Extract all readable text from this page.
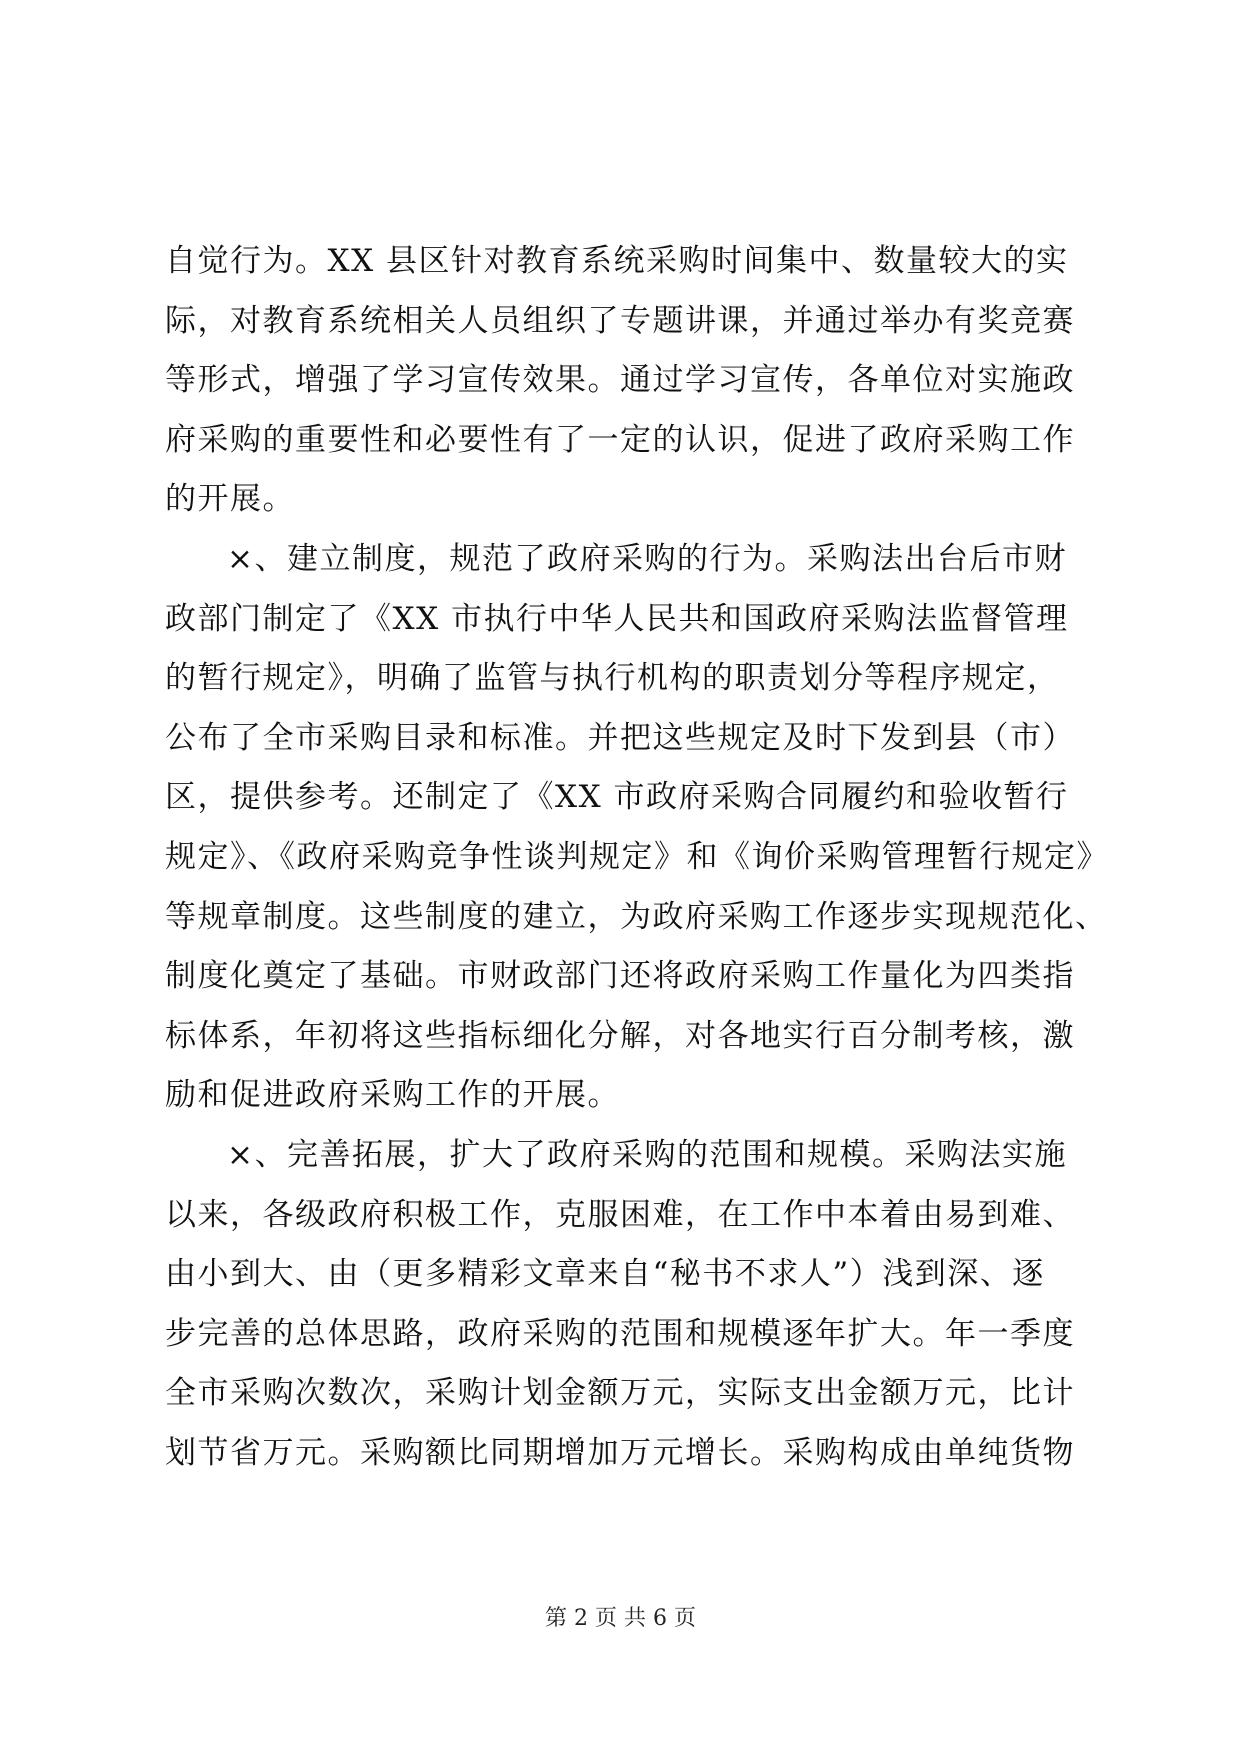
自觉行为。XX 县区针对教育系统采购时间集中、数量较大的实
际，对教育系统相关人员组织了专题讲课，并通过举办有奖竞赛
等形式，增强了学习宣传效果。通过学习宣传，各单位对实施政
府采购的重要性和必要性有了一定的认识，促进了政府采购工作
的开展。
×、建立制度，规范了政府采购的行为。采购法出台后市财
政部门制定了《XX 市执行中华人民共和国政府采购法监督管理
的暂行规定》，明确了监管与执行机构的职责划分等程序规定，
公布了全市采购目录和标准。并把这些规定及时下发到县（市）
区，提供参考。还制定了《XX 市政府采购合同履约和验收暂行
规定》、《政府采购竞争性谈判规定》和《询价采购管理暂行规定》
等规章制度。这些制度的建立，为政府采购工作逐步实现规范化、
制度化奠定了基础。市财政部门还将政府采购工作量化为四类指
标体系，年初将这些指标细化分解，对各地实行百分制考核，激
励和促进政府采购工作的开展。
×、完善拓展，扩大了政府采购的范围和规模。采购法实施
以来，各级政府积极工作，克服困难，在工作中本着由易到难、
由小到大、由（更多精彩文章来自“秘书不求人”）浅到深、逐
步完善的总体思路，政府采购的范围和规模逐年扩大。年一季度
全市采购次数次，采购计划金额万元，实际支出金额万元，比计
划节省万元。采购额比同期增加万元增长。采购构成由单纯货物
第 2 页 共 6 页
